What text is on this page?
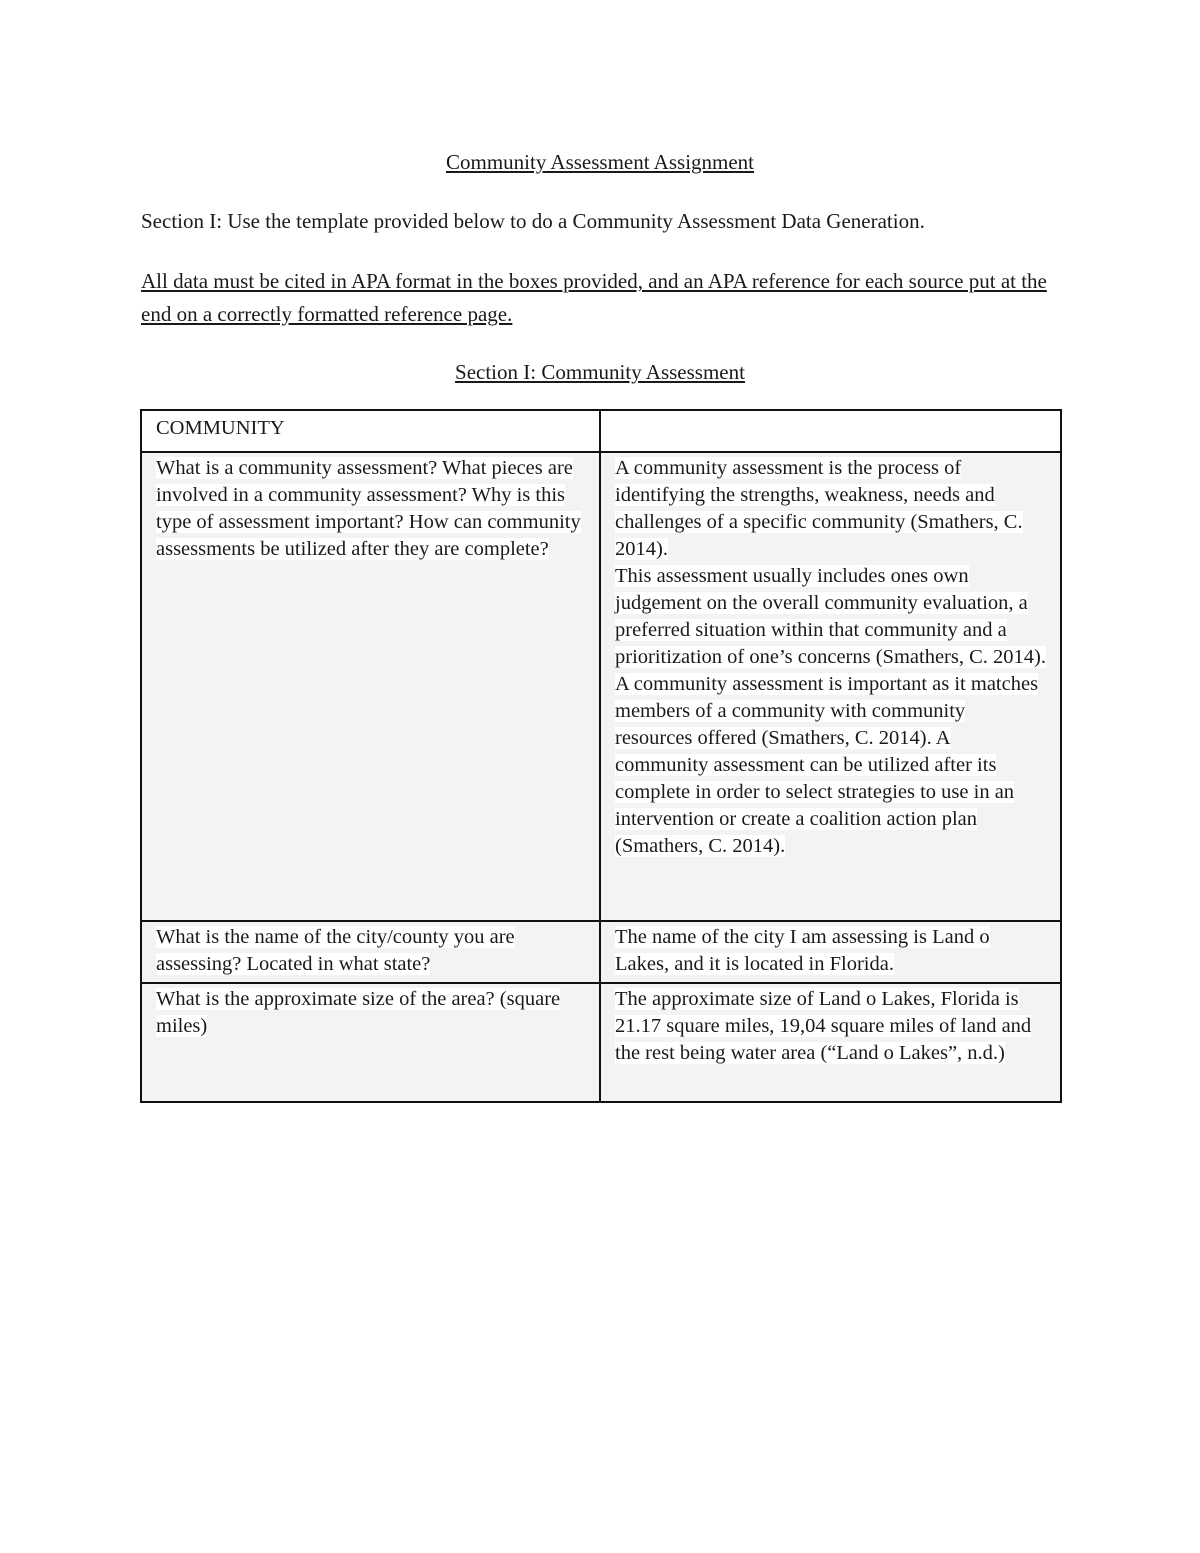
Community Assessment Assignment
Section I: Use the template provided below to do a Community Assessment Data Generation.
All data must be cited in APA format in the boxes provided, and an APA reference for each source put at the end on a correctly formatted reference page.
Section I: Community Assessment
COMMUNITY	
What is a community assessment? What pieces are involved in a community assessment? Why is this type of assessment important? How can community assessments be utilized after they are complete?	A community assessment is the process of identifying the strengths, weakness, needs and challenges of a specific community (Smathers, C. 2014).
This assessment usually includes ones own judgement on the overall community evaluation, a preferred situation within that community and a prioritization of one’s concerns (Smathers, C. 2014). A community assessment is important as it matches members of a community with community resources offered (Smathers, C. 2014). A community assessment can be utilized after its complete in order to select strategies to use in an intervention or create a coalition action plan (Smathers, C. 2014).

What is the name of the city/county you are assessing? Located in what state?	The name of the city I am assessing is Land o Lakes, and it is located in Florida.
What is the approximate size of the area? (square miles)	The approximate size of Land o Lakes, Florida is 21.17 square miles, 19,04 square miles of land and the rest being water area (“Land o Lakes”, n.d.)
